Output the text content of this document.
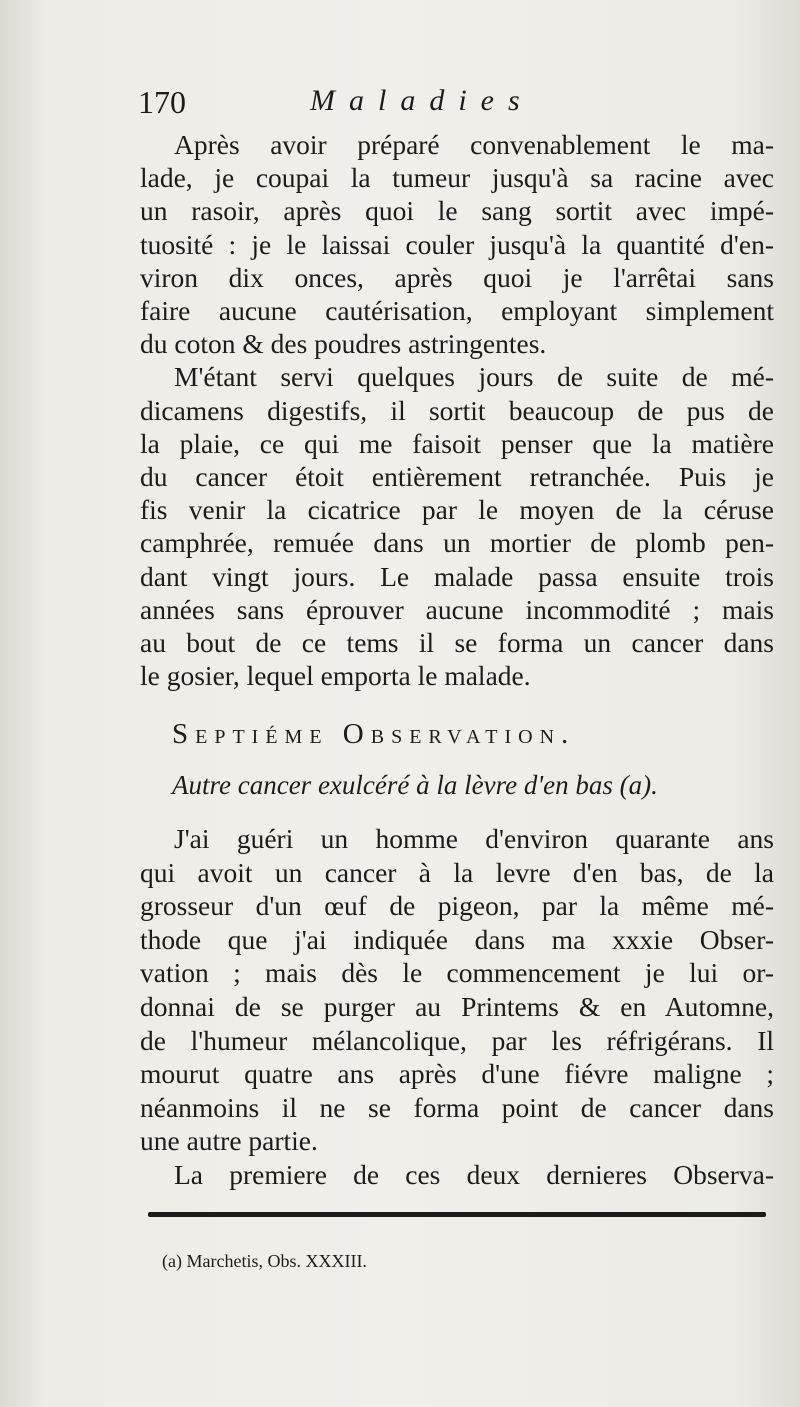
170	Maladies
Après avoir préparé convenablement le ma-
lade, je coupai la tumeur jusqu'à sa racine avec
un rasoir, après quoi le sang sortit avec impé-
tuosité : je le laissai couler jusqu'à la quantité d'en-
viron dix onces, après quoi je l'arrêtai sans
faire aucune cautérisation, employant simplement
du coton & des poudres astringentes.
M'étant servi quelques jours de suite de mé-
dicamens digestifs, il sortit beaucoup de pus de
la plaie, ce qui me faisoit penser que la matière
du cancer étoit entièrement retranchée. Puis je
fis venir la cicatrice par le moyen de la céruse
camphrée, remuée dans un mortier de plomb pen-
dant vingt jours. Le malade passa ensuite trois
années sans éprouver aucune incommodité ; mais
au bout de ce tems il se forma un cancer dans
le gosier, lequel emporta le malade.
Septiéme Observation.
Autre cancer exulcéré à la lèvre d'en bas (a).
J'ai guéri un homme d'environ quarante ans
qui avoit un cancer à la levre d'en bas, de la
grosseur d'un œuf de pigeon, par la même mé-
thode que j'ai indiquée dans ma xxxie Obser-
vation ; mais dès le commencement je lui or-
donnai de se purger au Printems & en Automne,
de l'humeur mélancolique, par les réfrigérans. Il
mourut quatre ans après d'une fiévre maligne ;
néanmoins il ne se forma point de cancer dans
une autre partie.
La premiere de ces deux dernieres Observa-
(a) Marchetis, Obs. XXXIII.
